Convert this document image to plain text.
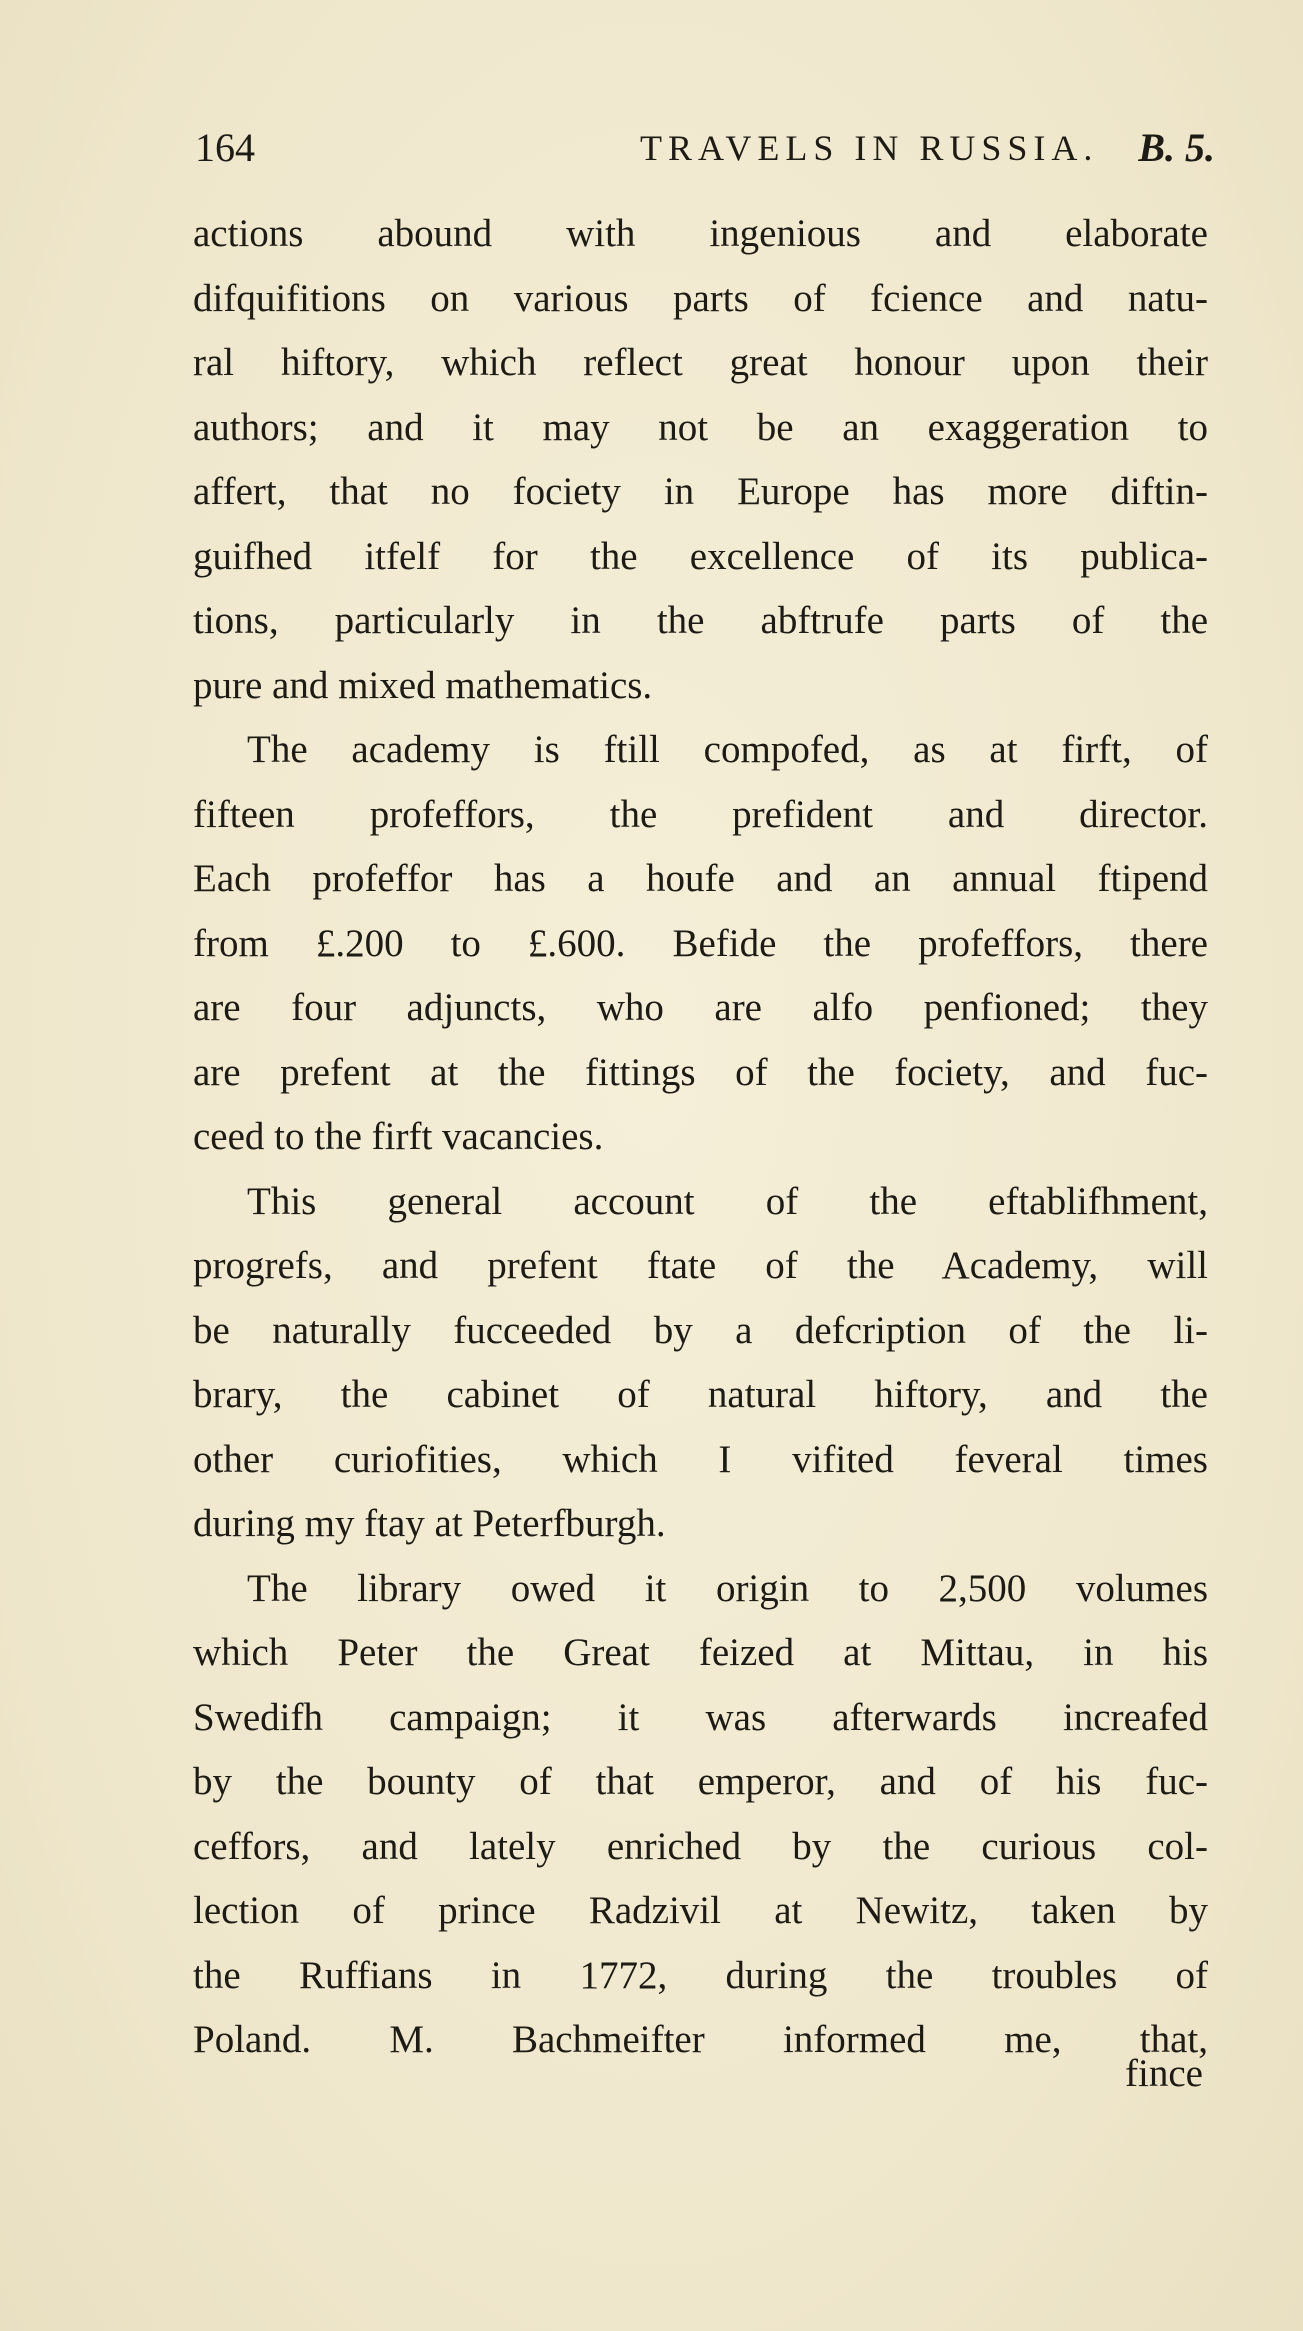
164	TRAVELS IN RUSSIA. B. 5.
actions abound with ingenious and elaborate
difquifitions on various parts of fcience and natu-
ral hiftory, which reflect great honour upon their
authors; and it may not be an exaggeration to
affert, that no fociety in Europe has more diftin-
guifhed itfelf for the excellence of its publica-
tions, particularly in the abftrufe parts of the
pure and mixed mathematics.
The academy is ftill compofed, as at firft, of
fifteen profeffors, the prefident and director.
Each profeffor has a houfe and an annual ftipend
from £.200 to £.600. Befide the profeffors, there
are four adjuncts, who are alfo penfioned; they
are prefent at the fittings of the fociety, and fuc-
ceed to the firft vacancies.
This general account of the eftablifhment,
progrefs, and prefent ftate of the Academy, will
be naturally fucceeded by a defcription of the li-
brary, the cabinet of natural hiftory, and the
other curiofities, which I vifited feveral times
during my ftay at Peterfburgh.
The library owed it origin to 2,500 volumes
which Peter the Great feized at Mittau, in his
Swedifh campaign; it was afterwards increafed
by the bounty of that emperor, and of his fuc-
ceffors, and lately enriched by the curious col-
lection of prince Radzivil at Newitz, taken by
the Ruffians in 1772, during the troubles of
Poland. M. Bachmeifter informed me, that,
fince
